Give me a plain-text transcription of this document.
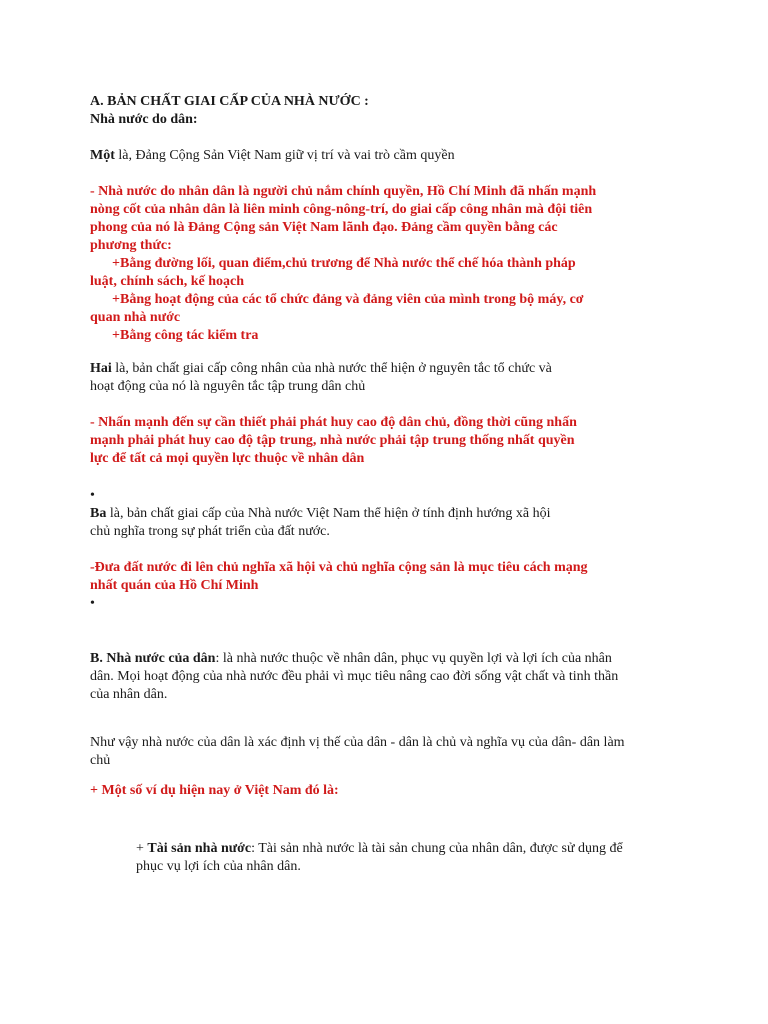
A. BẢN CHẤT GIAI CẤP CỦA NHÀ NƯỚC :
Nhà nước do dân:
Một là, Đảng Cộng Sản Việt Nam giữ vị trí và vai trò cầm quyền
- Nhà nước do nhân dân là người chủ nắm chính quyền, Hồ Chí Minh đã nhấn mạnh
nòng cốt của nhân dân là liên minh công-nông-trí, do giai cấp công nhân mà đội tiên
phong của nó là Đảng Cộng sản Việt Nam lãnh đạo. Đảng cầm quyền bằng các
phương thức:
+Bằng đường lối, quan điểm,chủ trương để Nhà nước thể chế hóa thành pháp
luật, chính sách, kế hoạch
+Bằng hoạt động của các tổ chức đảng và đảng viên của mình trong bộ máy, cơ
quan nhà nước
+Bằng công tác kiểm tra
Hai là, bản chất giai cấp công nhân của nhà nước thể hiện ở nguyên tắc tổ chức và
hoạt động của nó là nguyên tắc tập trung dân chủ
- Nhấn mạnh đến sự cần thiết phải phát huy cao độ dân chủ, đồng thời cũng nhấn
mạnh phải phát huy cao độ tập trung, nhà nước phải tập trung thống nhất quyền
lực để tất cả mọi quyền lực thuộc về nhân dân
•
Ba là, bản chất giai cấp của Nhà nước Việt Nam thể hiện ở tính định hướng xã hội
chủ nghĩa trong sự phát triển của đất nước.
-Đưa đất nước đi lên chủ nghĩa xã hội và chủ nghĩa cộng sản là mục tiêu cách mạng
nhất quán của Hồ Chí Minh
•
B. Nhà nước của dân: là nhà nước thuộc về nhân dân, phục vụ quyền lợi và lợi ích của nhân
dân. Mọi hoạt động của nhà nước đều phải vì mục tiêu nâng cao đời sống vật chất và tinh thần
của nhân dân.
Như vậy nhà nước của dân là xác định vị thế của dân - dân là chủ và nghĩa vụ của dân- dân làm
chủ
+ Một số ví dụ hiện nay ở Việt Nam đó là:
+ Tài sản nhà nước: Tài sản nhà nước là tài sản chung của nhân dân, được sử dụng để
phục vụ lợi ích của nhân dân.
